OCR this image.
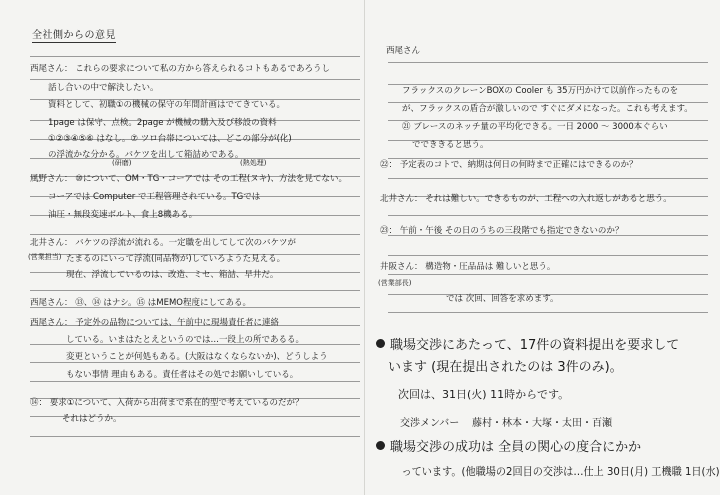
全社側からの意見
西尾さん： これらの要求について私の方から答えられるコトもあるであろうし
話し合いの中で解決したい。
資料として、初職①の機械の保守の年間計画はでてきている。
1page は保守、点検。2page が機械の購入及び移設の資料
①②③④⑤⑥ はなし。⑦ ツロ台帯については、どこの部分が(化)
の浮流かな分かる。バケツを出して箱詰めである。
(研磨)	(熱処理)
風野さん： ⑩について、OM・TG・コーアでは その工程(ヌキ)、方法を見てない。
コーアでは Computer で工程管理されている。TGでは
油圧・無段変速ボルト、食上8機ある。
北井さん： バケツの浮流が流れる。一定職を出してして次のバケツが
(営業担当) たまるのにいって浮流(同品物が)していろようた見える。
現在、浮流しているのは、改造、ミセ、箱詰、早井だ。
西尾さん： ⑬、⑭ はナシ。⑮ はMEMO程度にしてある。
西尾さん： 予定外の品物については、午前中に現場責任者に連絡
している。いまはたとえというのでは…一段上の所であるる。
変更ということが何処もある。(大阪はなくならないか)、どうしよう
もない事情 理由もある。責任者はその処でお願いしている。
⑭： 要求①について、入荷から出荷まで系在的型で考えているのだが？
それはどうか。
西尾さん
フラックスのクレーンBOXの Cooler も 35万円かけて以前作ったものを
が、フラックスの盾合が激しいので すぐにダメになった。これも考えます。
㉑ ブレースのネッチ量の平均化できる。一日 2000 〜 3000本ぐらい
ででききると思う。
㉒： 予定表のコトで、納期は何日の何時まで正確にはできるのか？
北井さん： それは難しい。できるものが、工程への入れ返しがあると思う。
㉓： 午前・午後 その日のうちの三段階でも指定できないのか？
井阪さん： 構造物・圧品品は 難しいと思う。
(営業部長)
では 次回、回答を求めます。
職場交渉にあたって、17件の資料提出を要求して
います (現在提出されたのは 3件のみ)。
次回は、31日(火) 11時からです。
交渉メンバー 藤村・林本・大塚・太田・百瀬
職場交渉の成功は 全員の関心の度合にかか
っています。(他職場の2回目の交渉は…仕上 30日(月) 工機職 1日(水)
